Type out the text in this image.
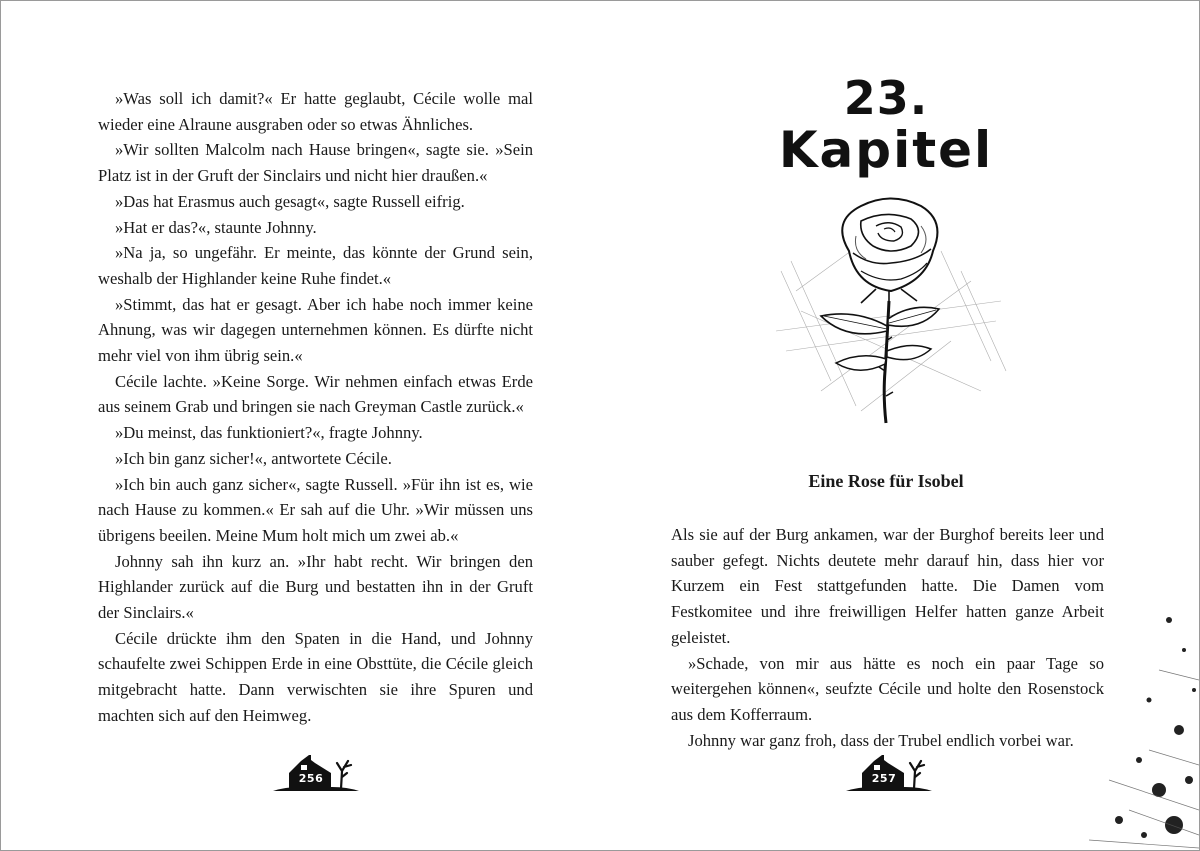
»Was soll ich damit?« Er hatte geglaubt, Cécile wolle mal wieder eine Alraune ausgraben oder so etwas Ähnliches.

»Wir sollten Malcolm nach Hause bringen«, sagte sie. »Sein Platz ist in der Gruft der Sinclairs und nicht hier draußen.«

»Das hat Erasmus auch gesagt«, sagte Russell eifrig.

»Hat er das?«, staunte Johnny.

»Na ja, so ungefähr. Er meinte, das könnte der Grund sein, weshalb der Highlander keine Ruhe findet.«

»Stimmt, das hat er gesagt. Aber ich habe noch immer keine Ahnung, was wir dagegen unternehmen können. Es dürfte nicht mehr viel von ihm übrig sein.«

Cécile lachte. »Keine Sorge. Wir nehmen einfach etwas Erde aus seinem Grab und bringen sie nach Greyman Castle zurück.«

»Du meinst, das funktioniert?«, fragte Johnny.

»Ich bin ganz sicher!«, antwortete Cécile.

»Ich bin auch ganz sicher«, sagte Russell. »Für ihn ist es, wie nach Hause zu kommen.« Er sah auf die Uhr. »Wir müssen uns übrigens beeilen. Meine Mum holt mich um zwei ab.«

Johnny sah ihn kurz an. »Ihr habt recht. Wir bringen den Highlander zurück auf die Burg und bestatten ihn in der Gruft der Sinclairs.«

Cécile drückte ihm den Spaten in die Hand, und Johnny schaufelte zwei Schippen Erde in eine Obsttüte, die Cécile gleich mitgebracht hatte. Dann verwischten sie ihre Spuren und machten sich auf den Heimweg.

256
23.
Kapitel
Eine Rose für Isobel

Als sie auf der Burg ankamen, war der Burghof bereits leer und sauber gefegt. Nichts deutete mehr darauf hin, dass hier vor Kurzem ein Fest stattgefunden hatte. Die Damen vom Festkomitee und ihre freiwilligen Helfer hatten ganze Arbeit geleistet.

»Schade, von mir aus hätte es noch ein paar Tage so weitergehen können«, seufzte Cécile und holte den Rosenstock aus dem Kofferraum.

Johnny war ganz froh, dass der Trubel endlich vorbei war.

257
